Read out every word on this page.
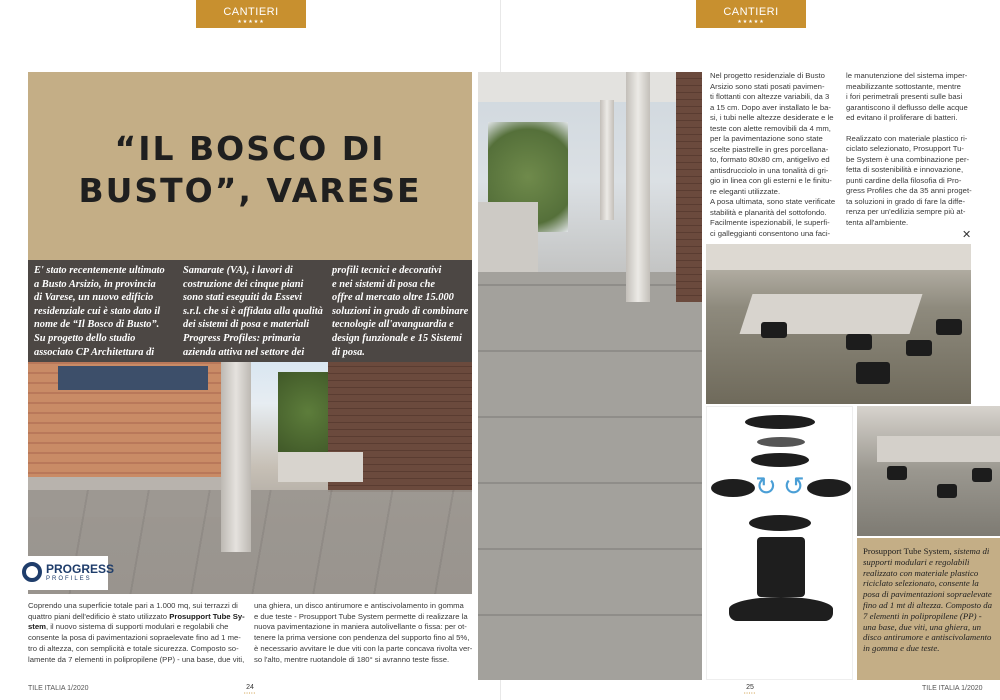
CANTIERI
★★★★★
CANTIERI
★★★★★
“IL BOSCO DI
BUSTO”, VARESE
E' stato recentemente ultimato
a Busto Arsizio, in provincia
di Varese, un nuovo edificio
residenziale cui è stato dato il
nome de “Il Bosco di Busto”.
Su progetto dello studio
associato CP Architettura di
Samarate (VA), i lavori di
costruzione dei cinque piani
sono stati eseguiti da Essevi
s.r.l. che si è affidata alla qualità
dei sistemi di posa e materiali
Progress Profiles: primaria
azienda attiva nel settore dei
profili tecnici e decorativi
e nei sistemi di posa che
offre al mercato oltre 15.000
soluzioni in grado di combinare
tecnologie all'avanguardia e
design funzionale e 15 Sistemi
di posa.
PROGRESS
PROFILES
Coprendo una superficie totale pari a 1.000 mq, sui terrazzi di
quattro piani dell'edificio è stato utilizzato Prosupport Tube Sy-
stem, il nuovo sistema di supporti modulari e regolabili che
consente la posa di pavimentazioni sopraelevate fino ad 1 me-
tro di altezza, con semplicità e totale sicurezza. Composto so-
lamente da 7 elementi in polipropilene (PP) - una base, due viti,
una ghiera, un disco antirumore e antiscivolamento in gomma
e due teste - Prosupport Tube System permette di realizzare la
nuova pavimentazione in maniera autolivellante o fissa: per ot-
tenere la prima versione con pendenza del supporto fino al 5%,
è necessario avvitare le due viti con la parte concava rivolta ver-
so l'alto, mentre ruotandole di 180° si avranno teste fisse.
TILE ITALIA 1/2020	24
•••••
Nel progetto residenziale di Busto
Arsizio sono stati posati pavimen-
ti flottanti con altezze variabili, da 3
a 15 cm. Dopo aver installato le ba-
si, i tubi nelle altezze desiderate e le
teste con alette removibili da 4 mm,
per la pavimentazione sono state
scelte piastrelle in gres porcellana-
to, formato 80x80 cm, antigelivo ed
antisdrucciolo in una tonalità di gri-
gio in linea con gli esterni e le finitu-
re eleganti utilizzate.
A posa ultimata, sono state verificate
stabilità e planarità del sottofondo.
Facilmente ispezionabili, le superfi-
ci galleggianti consentono una faci-
le manutenzione del sistema imper-
meabilizzante sottostante, mentre
i fori perimetrali presenti sulle basi
garantiscono il deflusso delle acque
ed evitano il proliferare di batteri.
Realizzato con materiale plastico ri-
ciclato selezionato, Prosupport Tu-
be System è una combinazione per-
fetta di sostenibilità e innovazione,
punti cardine della filosofia di Pro-
gress Profiles che da 35 anni proget-
ta soluzioni in grado di fare la diffe-
renza per un'edilizia sempre più at-
tenta all'ambiente.
✕
↻ ↺
Prosupport Tube System, sistema di supporti modulari e regolabili realizzato con materiale plastico riciclato selezionato, consente la posa di pavimentazioni sopraelevate fino ad 1 mt di altezza. Composto da 7 elementi in polipropilene (PP) - una base, due viti, una ghiera, un disco antirumore e antiscivolamento in gomma e due teste.
25
•••••
TILE ITALIA 1/2020
